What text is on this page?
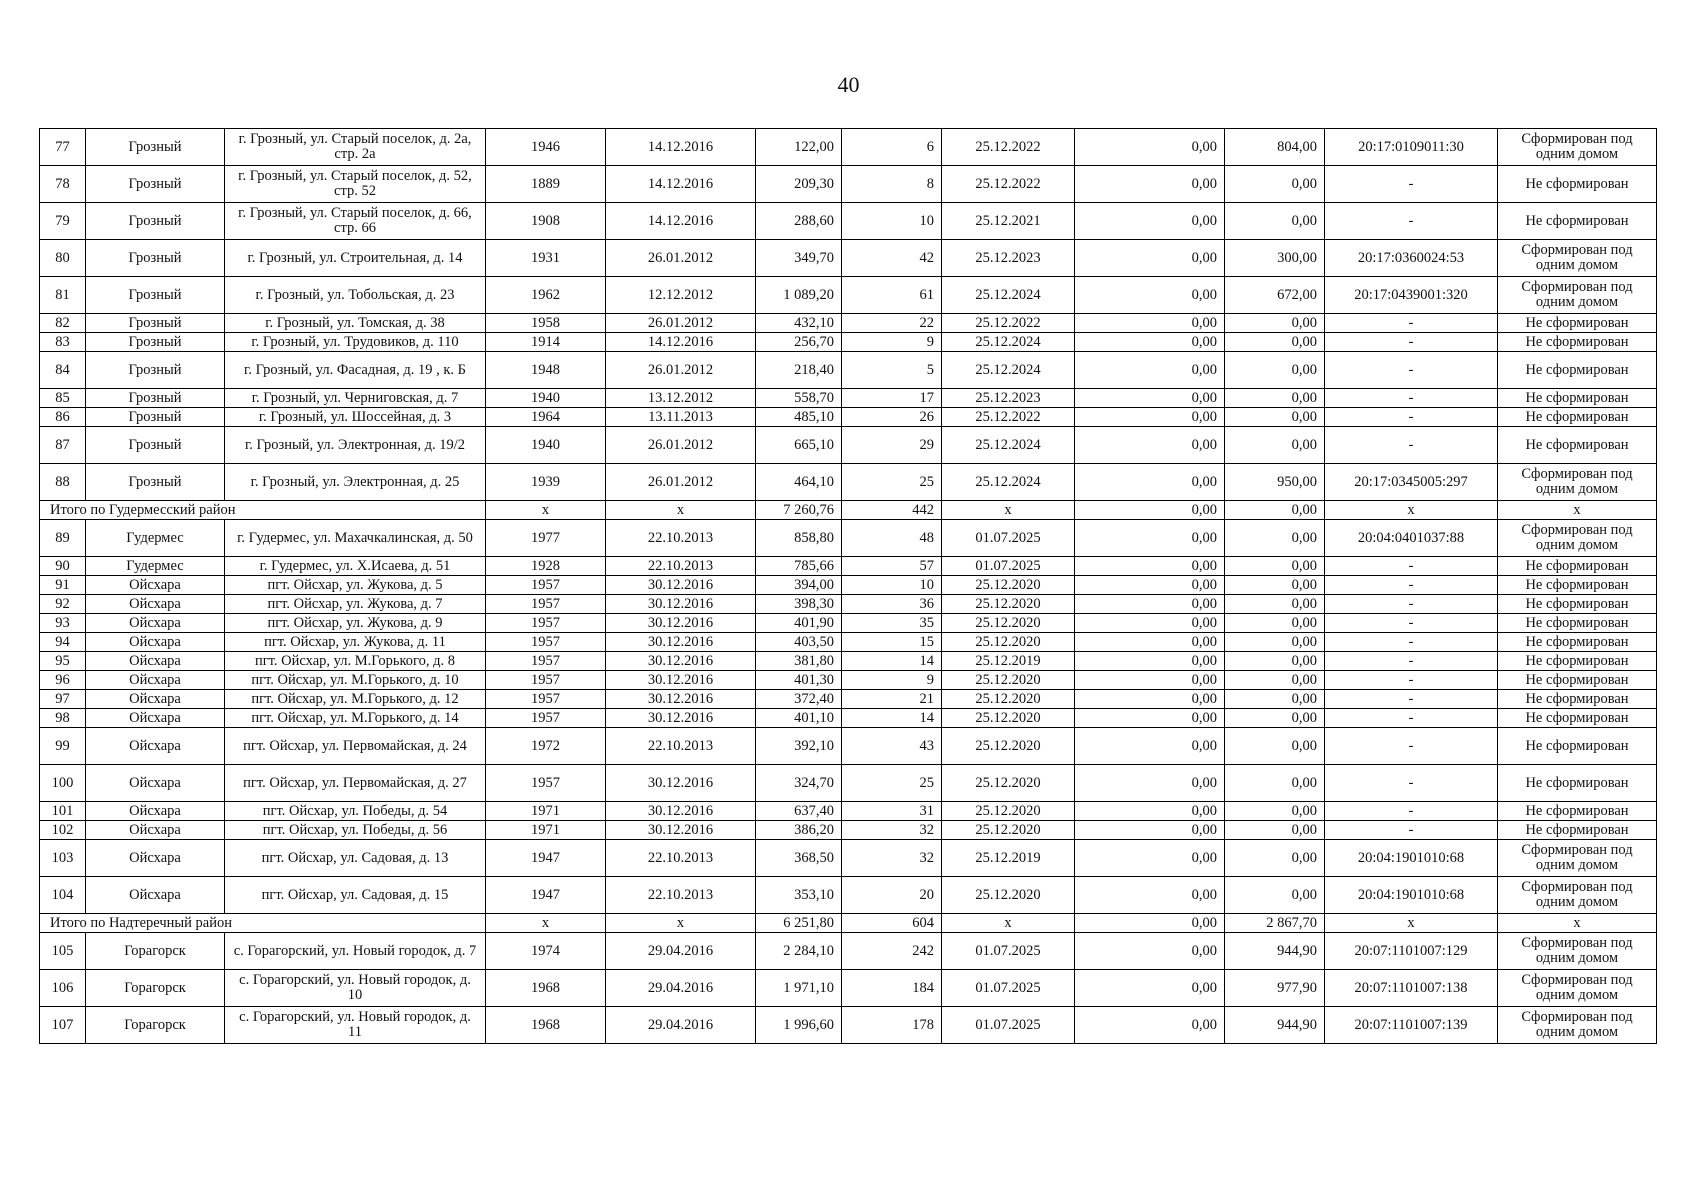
40
77	Грозный	г. Грозный, ул. Старый поселок, д. 2а, стр. 2а	1946	14.12.2016	122,00	6	25.12.2022	0,00	804,00	20:17:0109011:30	Сформирован под одним домом
78	Грозный	г. Грозный, ул. Старый поселок, д. 52, стр. 52	1889	14.12.2016	209,30	8	25.12.2022	0,00	0,00	-	Не сформирован
79	Грозный	г. Грозный, ул. Старый поселок, д. 66, стр. 66	1908	14.12.2016	288,60	10	25.12.2021	0,00	0,00	-	Не сформирован
80	Грозный	г. Грозный, ул. Строительная, д. 14	1931	26.01.2012	349,70	42	25.12.2023	0,00	300,00	20:17:0360024:53	Сформирован под одним домом
81	Грозный	г. Грозный, ул. Тобольская, д. 23	1962	12.12.2012	1 089,20	61	25.12.2024	0,00	672,00	20:17:0439001:320	Сформирован под одним домом
82	Грозный	г. Грозный, ул. Томская, д. 38	1958	26.01.2012	432,10	22	25.12.2022	0,00	0,00	-	Не сформирован
83	Грозный	г. Грозный, ул. Трудовиков, д. 110	1914	14.12.2016	256,70	9	25.12.2024	0,00	0,00	-	Не сформирован
84	Грозный	г. Грозный, ул. Фасадная, д. 19 , к. Б	1948	26.01.2012	218,40	5	25.12.2024	0,00	0,00	-	Не сформирован
85	Грозный	г. Грозный, ул. Черниговская, д. 7	1940	13.12.2012	558,70	17	25.12.2023	0,00	0,00	-	Не сформирован
86	Грозный	г. Грозный, ул. Шоссейная, д. 3	1964	13.11.2013	485,10	26	25.12.2022	0,00	0,00	-	Не сформирован
87	Грозный	г. Грозный, ул. Электронная, д. 19/2	1940	26.01.2012	665,10	29	25.12.2024	0,00	0,00	-	Не сформирован
88	Грозный	г. Грозный, ул. Электронная, д. 25	1939	26.01.2012	464,10	25	25.12.2024	0,00	950,00	20:17:0345005:297	Сформирован под одним домом
Итого по Гудермесский район			x	x	7 260,76	442	x	0,00	0,00	x	x
89	Гудермес	г. Гудермес, ул. Махачкалинская, д. 50	1977	22.10.2013	858,80	48	01.07.2025	0,00	0,00	20:04:0401037:88	Сформирован под одним домом
90	Гудермес	г. Гудермес, ул. Х.Исаева, д. 51	1928	22.10.2013	785,66	57	01.07.2025	0,00	0,00	-	Не сформирован
91	Ойсхара	пгт. Ойсхар, ул. Жукова, д. 5	1957	30.12.2016	394,00	10	25.12.2020	0,00	0,00	-	Не сформирован
92	Ойсхара	пгт. Ойсхар, ул. Жукова, д. 7	1957	30.12.2016	398,30	36	25.12.2020	0,00	0,00	-	Не сформирован
93	Ойсхара	пгт. Ойсхар, ул. Жукова, д. 9	1957	30.12.2016	401,90	35	25.12.2020	0,00	0,00	-	Не сформирован
94	Ойсхара	пгт. Ойсхар, ул. Жукова, д. 11	1957	30.12.2016	403,50	15	25.12.2020	0,00	0,00	-	Не сформирован
95	Ойсхара	пгт. Ойсхар, ул. М.Горького, д. 8	1957	30.12.2016	381,80	14	25.12.2019	0,00	0,00	-	Не сформирован
96	Ойсхара	пгт. Ойсхар, ул. М.Горького, д. 10	1957	30.12.2016	401,30	9	25.12.2020	0,00	0,00	-	Не сформирован
97	Ойсхара	пгт. Ойсхар, ул. М.Горького, д. 12	1957	30.12.2016	372,40	21	25.12.2020	0,00	0,00	-	Не сформирован
98	Ойсхара	пгт. Ойсхар, ул. М.Горького, д. 14	1957	30.12.2016	401,10	14	25.12.2020	0,00	0,00	-	Не сформирован
99	Ойсхара	пгт. Ойсхар, ул. Первомайская, д. 24	1972	22.10.2013	392,10	43	25.12.2020	0,00	0,00	-	Не сформирован
100	Ойсхара	пгт. Ойсхар, ул. Первомайская, д. 27	1957	30.12.2016	324,70	25	25.12.2020	0,00	0,00	-	Не сформирован
101	Ойсхара	пгт. Ойсхар, ул. Победы, д. 54	1971	30.12.2016	637,40	31	25.12.2020	0,00	0,00	-	Не сформирован
102	Ойсхара	пгт. Ойсхар, ул. Победы, д. 56	1971	30.12.2016	386,20	32	25.12.2020	0,00	0,00	-	Не сформирован
103	Ойсхара	пгт. Ойсхар, ул. Садовая, д. 13	1947	22.10.2013	368,50	32	25.12.2019	0,00	0,00	20:04:1901010:68	Сформирован под одним домом
104	Ойсхара	пгт. Ойсхар, ул. Садовая, д. 15	1947	22.10.2013	353,10	20	25.12.2020	0,00	0,00	20:04:1901010:68	Сформирован под одним домом
Итого по Надтеречный район			x	x	6 251,80	604	x	0,00	2 867,70	x	x
105	Горагорск	с. Горагорский, ул. Новый городок, д. 7	1974	29.04.2016	2 284,10	242	01.07.2025	0,00	944,90	20:07:1101007:129	Сформирован под одним домом
106	Горагорск	с. Горагорский, ул. Новый городок, д. 10	1968	29.04.2016	1 971,10	184	01.07.2025	0,00	977,90	20:07:1101007:138	Сформирован под одним домом
107	Горагорск	с. Горагорский, ул. Новый городок, д. 11	1968	29.04.2016	1 996,60	178	01.07.2025	0,00	944,90	20:07:1101007:139	Сформирован под одним домом
